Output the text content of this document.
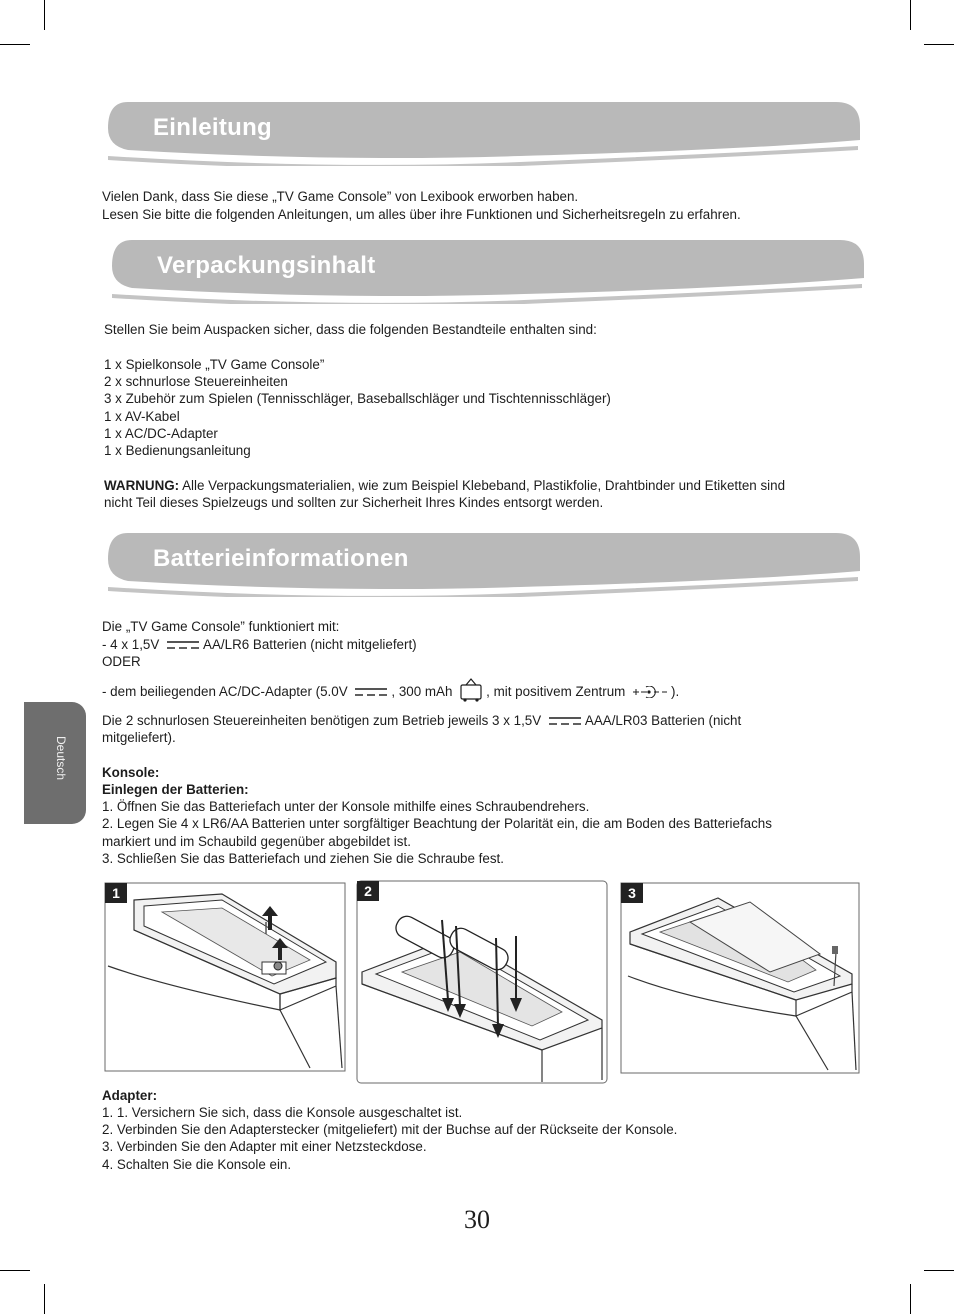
Einleitung
Vielen Dank, dass Sie diese „TV Game Console” von Lexibook erworben haben.
Lesen Sie bitte die folgenden Anleitungen, um alles über ihre Funktionen und Sicherheitsregeln zu erfahren.
Verpackungsinhalt
Stellen Sie beim Auspacken sicher, dass die folgenden Bestandteile enthalten sind:
1 x Spielkonsole „TV Game Console”
2 x schnurlose Steuereinheiten
3 x Zubehör zum Spielen (Tennisschläger, Baseballschläger und Tischtennisschläger)
1 x AV-Kabel
1 x AC/DC-Adapter
1 x Bedienungsanleitung
WARNUNG: Alle Verpackungsmaterialien, wie zum Beispiel Klebeband, Plastikfolie, Drahtbinder und Etiketten sind
nicht Teil dieses Spielzeugs und sollten zur Sicherheit Ihres Kindes entsorgt werden.
Batterieinformationen
Die „TV Game Console” funktioniert mit:
- 4 x 1,5V	AA/LR6 Batterien (nicht mitgeliefert)
ODER
- dem beiliegenden AC/DC-Adapter (5.0V	, 300 mAh	, mit positivem Zentrum	).
Die 2 schnurlosen Steuereinheiten benötigen zum Betrieb jeweils 3 x 1,5V	AAA/LR03 Batterien (nicht
mitgeliefert).
Konsole:
Einlegen der Batterien:
1. Öffnen Sie das Batteriefach unter der Konsole mithilfe eines Schraubendrehers.
2. Legen Sie 4 x LR6/AA Batterien unter sorgfältiger Beachtung der Polarität ein, die am Boden des Batteriefachs
markiert und im Schaubild gegenüber abgebildet ist.
3. Schließen Sie das Batteriefach und ziehen Sie die Schraube fest.
Deutsch
1	2	3
Adapter:
1. 1. Versichern Sie sich, dass die Konsole ausgeschaltet ist.
2. Verbinden Sie den Adapterstecker (mitgeliefert) mit der Buchse auf der Rückseite der Konsole.
3. Verbinden Sie den Adapter mit einer Netzsteckdose.
4. Schalten Sie die Konsole ein.
30
